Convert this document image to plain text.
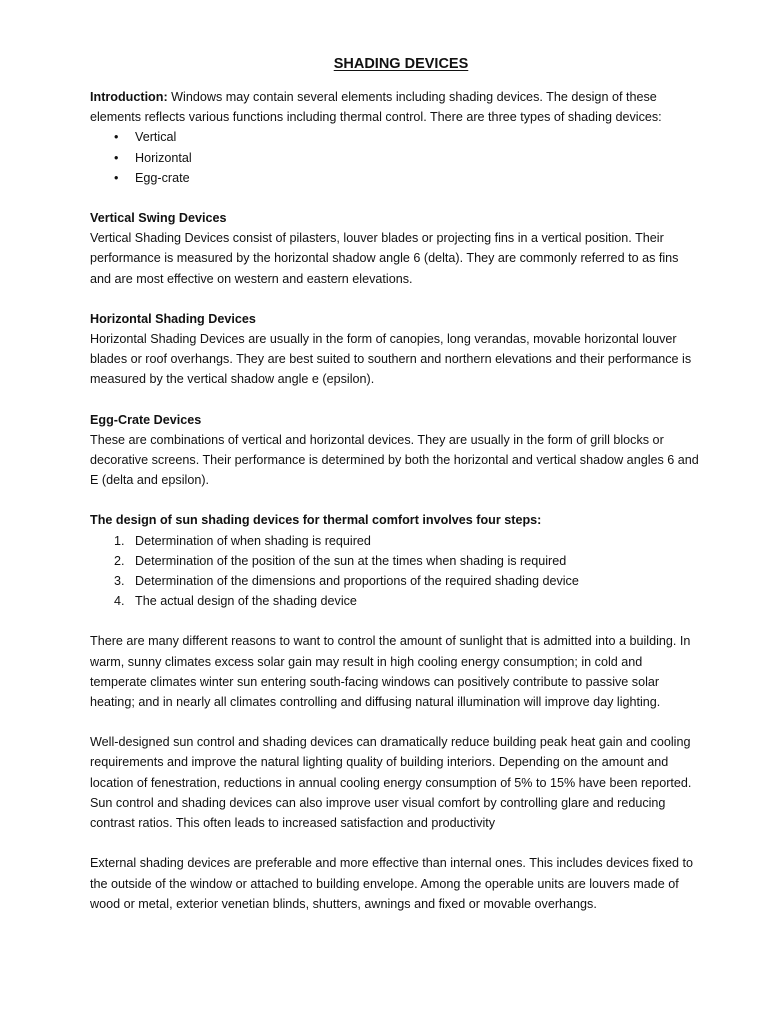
SHADING DEVICES

Introduction: Windows may contain several elements including shading devices. The design of these elements reflects various functions including thermal control. There are three types of shading devices:

• Vertical
• Horizontal
• Egg-crate

Vertical Swing Devices

Vertical Shading Devices consist of pilasters, louver blades or projecting fins in a vertical position. Their performance is measured by the horizontal shadow angle 6 (delta). They are commonly referred to as fins and are most effective on western and eastern elevations.

Horizontal Shading Devices

Horizontal Shading Devices are usually in the form of canopies, long verandas, movable horizontal louver blades or roof overhangs. They are best suited to southern and northern elevations and their performance is measured by the vertical shadow angle e (epsilon).

Egg-Crate Devices

These are combinations of vertical and horizontal devices. They are usually in the form of grill blocks or decorative screens. Their performance is determined by both the horizontal and vertical shadow angles 6 and E (delta and epsilon).

The design of sun shading devices for thermal comfort involves four steps:

1. Determination of when shading is required
2. Determination of the position of the sun at the times when shading is required
3. Determination of the dimensions and proportions of the required shading device
4. The actual design of the shading device

There are many different reasons to want to control the amount of sunlight that is admitted into a building. In warm, sunny climates excess solar gain may result in high cooling energy consumption; in cold and temperate climates winter sun entering south-facing windows can positively contribute to passive solar heating; and in nearly all climates controlling and diffusing natural illumination will improve day lighting.

Well-designed sun control and shading devices can dramatically reduce building peak heat gain and cooling requirements and improve the natural lighting quality of building interiors. Depending on the amount and location of fenestration, reductions in annual cooling energy consumption of 5% to 15% have been reported. Sun control and shading devices can also improve user visual comfort by controlling glare and reducing contrast ratios. This often leads to increased satisfaction and productivity

External shading devices are preferable and more effective than internal ones. This includes devices fixed to the outside of the window or attached to building envelope. Among the operable units are louvers made of wood or metal, exterior venetian blinds, shutters, awnings and fixed or movable overhangs.
